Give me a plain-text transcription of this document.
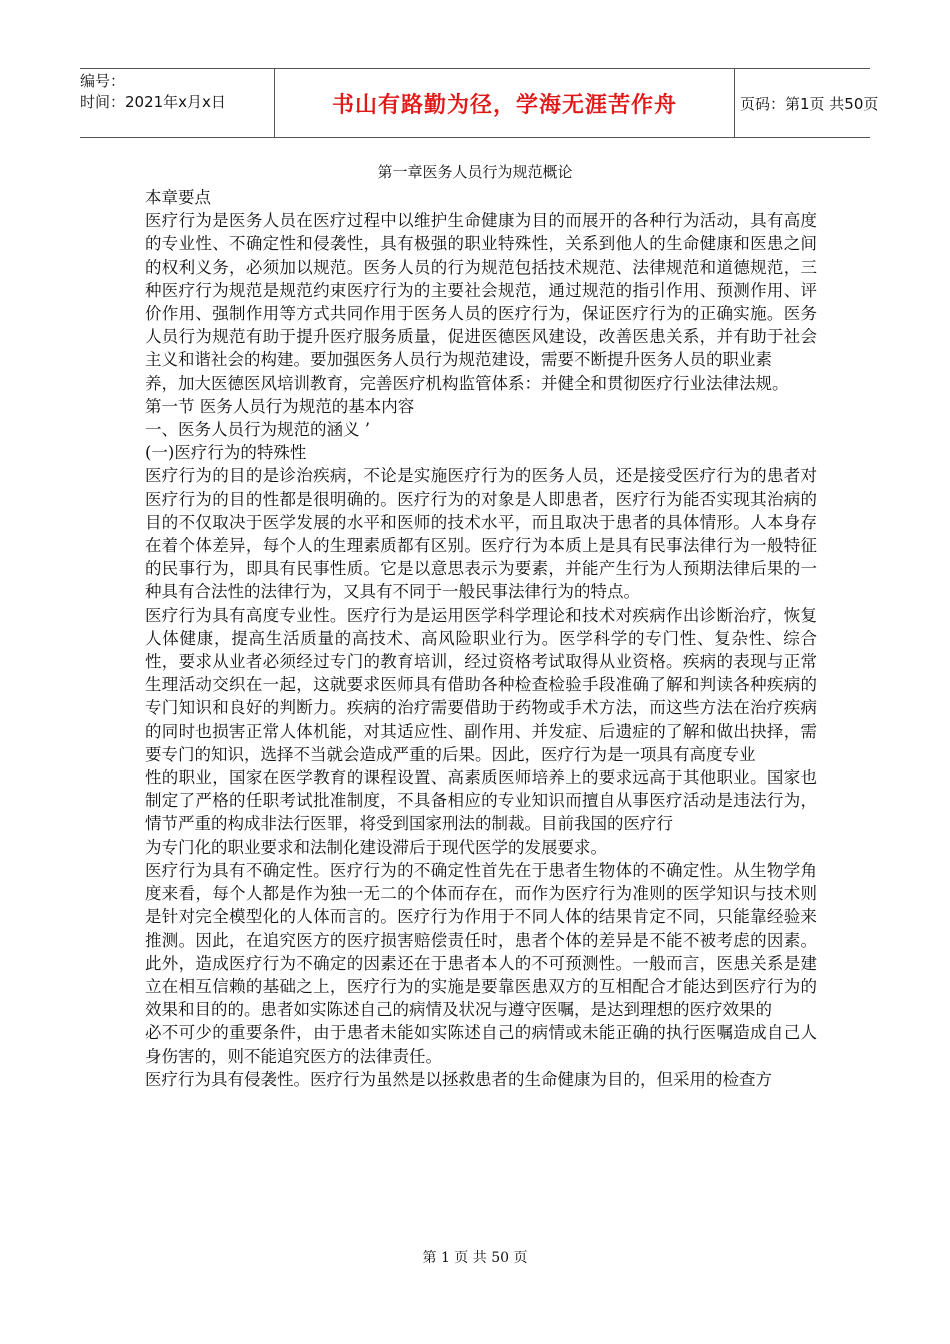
编号：
时间：2021年x月x日	书山有路勤为径，学海无涯苦作舟	页码：第1页 共50页
第一章医务人员行为规范概论

本章要点

医疗行为是医务人员在医疗过程中以维护生命健康为目的而展开的各种行为活动，具有高度的专业性、不确定性和侵袭性，具有极强的职业特殊性，关系到他人的生命健康和医患之间的权利义务，必须加以规范。医务人员的行为规范包括技术规范、法律规范和道德规范，三种医疗行为规范是规范约束医疗行为的主要社会规范，通过规范的指引作用、预测作用、评价作用、强制作用等方式共同作用于医务人员的医疗行为，保证医疗行为的正确实施。医务人员行为规范有助于提升医疗服务质量，促进医德医风建设，改善医患关系，并有助于社会主义和谐社会的构建。要加强医务人员行为规范建设，需要不断提升医务人员的职业素

养，加大医德医风培训教育，完善医疗机构监管体系：并健全和贯彻医疗行业法律法规。

第一节 医务人员行为规范的基本内容

一、医务人员行为规范的涵义 ’

(一)医疗行为的特殊性

医疗行为的目的是诊治疾病，不论是实施医疗行为的医务人员，还是接受医疗行为的患者对医疗行为的目的性都是很明确的。医疗行为的对象是人即患者，医疗行为能否实现其治病的目的不仅取决于医学发展的水平和医师的技术水平，而且取决于患者的具体情形。人本身存在着个体差异，每个人的生理素质都有区别。医疗行为本质上是具有民事法律行为一般特征的民事行为，即具有民事性质。它是以意思表示为要素，并能产生行为人预期法律后果的一种具有合法性的法律行为，又具有不同于一般民事法律行为的特点。

医疗行为具有高度专业性。医疗行为是运用医学科学理论和技术对疾病作出诊断治疗，恢复人体健康，提高生活质量的高技术、高风险职业行为。医学科学的专门性、复杂性、综合性，要求从业者必须经过专门的教育培训，经过资格考试取得从业资格。疾病的表现与正常生理活动交织在一起，这就要求医师具有借助各种检查检验手段准确了解和判读各种疾病的专门知识和良好的判断力。疾病的治疗需要借助于药物或手术方法，而这些方法在治疗疾病的同时也损害正常人体机能，对其适应性、副作用、并发症、后遗症的了解和做出抉择，需要专门的知识，选择不当就会造成严重的后果。因此，医疗行为是一项具有高度专业

性的职业，国家在医学教育的课程设置、高素质医师培养上的要求远高于其他职业。国家也制定了严格的任职考试批准制度，不具备相应的专业知识而擅自从事医疗活动是违法行为，情节严重的构成非法行医罪，将受到国家刑法的制裁。目前我国的医疗行

为专门化的职业要求和法制化建设滞后于现代医学的发展要求。

医疗行为具有不确定性。医疗行为的不确定性首先在于患者生物体的不确定性。从生物学角度来看，每个人都是作为独一无二的个体而存在，而作为医疗行为准则的医学知识与技术则是针对完全模型化的人体而言的。医疗行为作用于不同人体的结果肯定不同，只能靠经验来推测。因此，在追究医方的医疗损害赔偿责任时，患者个体的差异是不能不被考虑的因素。此外，造成医疗行为不确定的因素还在于患者本人的不可预测性。一般而言，医患关系是建立在相互信赖的基础之上，医疗行为的实施是要靠医患双方的互相配合才能达到医疗行为的效果和目的的。患者如实陈述自己的病情及状况与遵守医嘱，是达到理想的医疗效果的

必不可少的重要条件，由于患者未能如实陈述自己的病情或未能正确的执行医嘱造成自己人身伤害的，则不能追究医方的法律责任。

医疗行为具有侵袭性。医疗行为虽然是以拯救患者的生命健康为目的，但采用的检查方

第 1 页 共 50 页
